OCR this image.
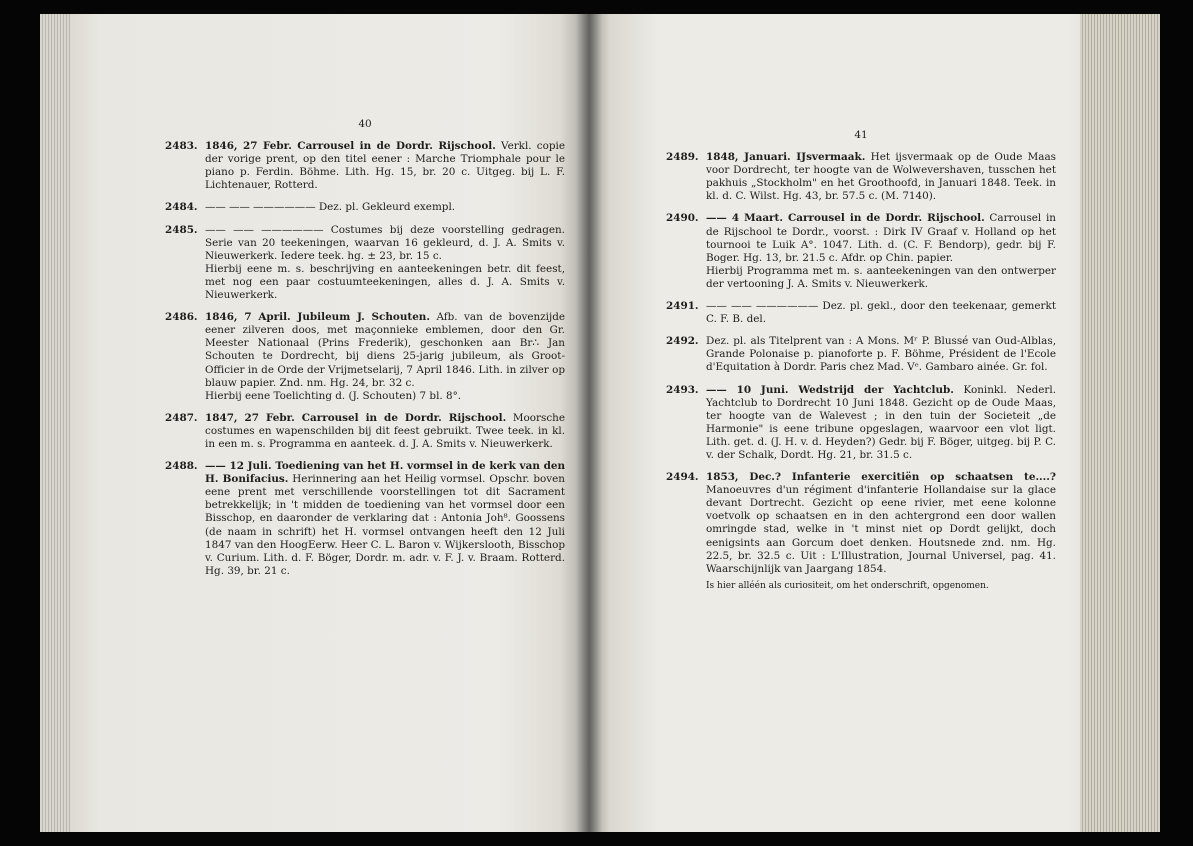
40
2483. 1846, 27 Febr. Carrousel in de Dordr. Rijschool. Verkl. copie der vorige prent, op den titel eener : Marche Triomphale pour le piano p. Ferdin. Böhme. Lith. Hg. 15, br. 20 c. Uitgeg. bij L. F. Lichtenauer, Rotterd.

2484. —— —— —————— Dez. pl. Gekleurd exempl.

2485. —— —— —————— Costumes bij deze voorstelling gedragen. Serie van 20 teekeningen, waarvan 16 gekleurd, d. J. A. Smits v. Nieuwerkerk. Iedere teek. hg. ± 23, br. 15 c.

Hierbij eene m. s. beschrijving en aanteekeningen betr. dit feest, met nog een paar costuumteekeningen, alles d. J. A. Smits v. Nieuwerkerk.

2486. 1846, 7 April. Jubileum J. Schouten. Afb. van de bovenzijde eener zilveren doos, met maçonnieke emblemen, door den Gr. Meester Nationaal (Prins Frederik), geschonken aan Br∴ Jan Schouten te Dordrecht, bij diens 25-jarig jubileum, als Groot-Officier in de Orde der Vrijmetselarij, 7 April 1846. Lith. in zilver op blauw papier. Znd. nm. Hg. 24, br. 32 c.

Hierbij eene Toelichting d. (J. Schouten) 7 bl. 8°.

2487. 1847, 27 Febr. Carrousel in de Dordr. Rijschool. Moorsche costumes en wapenschilden bij dit feest gebruikt. Twee teek. in kl. in een m. s. Programma en aanteek. d. J. A. Smits v. Nieuwerkerk.

2488. —— 12 Juli. Toediening van het H. vormsel in de kerk van den H. Bonifacius. Herinnering aan het Heilig vormsel. Opschr. boven eene prent met verschillende voorstellingen tot dit Sacrament betrekkelijk; in 't midden de toediening van het vormsel door een Bisschop, en daaronder de verklaring dat : Antonia Joh⁸. Goossens (de naam in schrift) het H. vormsel ontvangen heeft den 12 Juli 1847 van den HoogEerw. Heer C. L. Baron v. Wijkerslooth, Bisschop v. Curium. Lith. d. F. Böger, Dordr. m. adr. v. F. J. v. Braam. Rotterd. Hg. 39, br. 21 c.

41
2489. 1848, Januari. IJsvermaak. Het ijsvermaak op de Oude Maas voor Dordrecht, ter hoogte van de Wolwevershaven, tusschen het pakhuis „Stockholm" en het Groothoofd, in Januari 1848. Teek. in kl. d. C. Wilst. Hg. 43, br. 57.5 c. (M. 7140).

2490. —— 4 Maart. Carrousel in de Dordr. Rijschool. Carrousel in de Rijschool te Dordr., voorst. : Dirk IV Graaf v. Holland op het tournooi te Luik A°. 1047. Lith. d. (C. F. Bendorp), gedr. bij F. Boger. Hg. 13, br. 21.5 c. Afdr. op Chin. papier.

Hierbij Programma met m. s. aanteekeningen van den ontwerper der vertooning J. A. Smits v. Nieuwerkerk.

2491. —— —— —————— Dez. pl. gekl., door den teekenaar, gemerkt C. F. B. del.

2492. Dez. pl. als Titelprent van : A Mons. Mʳ P. Blussé van Oud-Alblas, Grande Polonaise p. pianoforte p. F. Böhme, Président de l'Ecole d'Equitation à Dordr. Paris chez Mad. Vᵉ. Gambaro ainée. Gr. fol.

2493. —— 10 Juni. Wedstrijd der Yachtclub. Koninkl. Nederl. Yachtclub to Dordrecht 10 Juni 1848. Gezicht op de Oude Maas, ter hoogte van de Walevest ; in den tuin der Societeit „de Harmonie" is eene tribune opgeslagen, waarvoor een vlot ligt. Lith. get. d. (J. H. v. d. Heyden?) Gedr. bij F. Böger, uitgeg. bij P. C. v. der Schalk, Dordt. Hg. 21, br. 31.5 c.

2494. 1853, Dec.? Infanterie exercitiën op schaatsen te....? Manoeuvres d'un régiment d'infanterie Hollandaise sur la glace devant Dortrecht. Gezicht op eene rivier, met eene kolonne voetvolk op schaatsen en in den achtergrond een door wallen omringde stad, welke in 't minst niet op Dordt gelijkt, doch eenigsints aan Gorcum doet denken. Houtsnede znd. nm. Hg. 22.5, br. 32.5 c. Uit : L'Illustration, Journal Universel, pag. 41. Waarschijnlijk van Jaargang 1854.

Is hier alléén als curiositeit, om het onderschrift, opgenomen.
